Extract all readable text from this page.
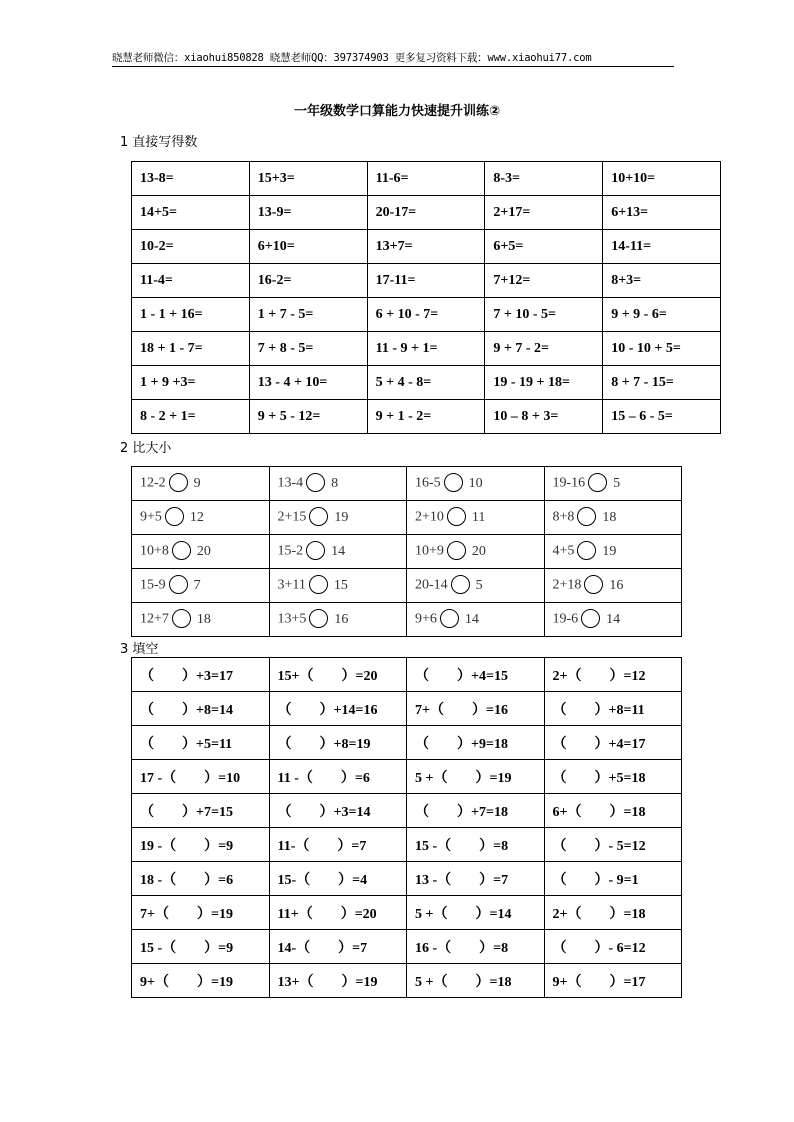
晓慧老师微信：xiaohui850828 晓慧老师QQ：397374903 更多复习资料下载：www.xiaohui77.com
一年级数学口算能力快速提升训练②
1 直接写得数
13-8=	15+3=	11-6=	8-3=	10+10=
14+5=	13-9=	20-17=	2+17=	6+13=
10-2=	6+10=	13+7=	6+5=	14-11=
11-4=	16-2=	17-11=	7+12=	8+3=
1 - 1 + 16=	1 + 7 - 5=	6 + 10 - 7=	7 + 10 - 5=	9 + 9 - 6=
18 + 1 - 7=	7 + 8 - 5=	11 - 9 + 1=	9 + 7 - 2=	10 - 10 + 5=
1 + 9 +3=	13 - 4 + 10=	5 + 4 - 8=	19 - 19 + 18=	8 + 7 - 15=
8 - 2 + 1=	9 + 5 - 12=	9 + 1 - 2=	10 – 8 + 3=	15 – 6 - 5=
2 比大小
12-2 9	13-4 8	16-5 10	19-16 5
9+5 12	2+15 19	2+10 11	8+8 18
10+8 20	15-2 14	10+9 20	4+5 19
15-9 7	3+11 15	20-14 5	2+18 16
12+7 18	13+5 16	9+6 14	19-6 14
3 填空
（　　）+3=17	15+（　　）=20	（　　）+4=15	2+（　　）=12
（　　）+8=14	（　　）+14=16	7+（　　）=16	（　　）+8=11
（　　）+5=11	（　　）+8=19	（　　）+9=18	（　　）+4=17
17 -（　　）=10	11 -（　　）=6	5 +（　　）=19	（　　）+5=18
（　　）+7=15	（　　）+3=14	（　　）+7=18	6+（　　）=18
19 -（　　）=9	11-（　　）=7	15 -（　　）=8	（　　）- 5=12
18 -（　　）=6	15-（　　）=4	13 -（　　）=7	（　　）- 9=1
7+（　　）=19	11+（　　）=20	5 +（　　）=14	2+（　　）=18
15 -（　　）=9	14-（　　）=7	16 -（　　）=8	（　　）- 6=12
9+（　　）=19	13+（　　）=19	5 +（　　）=18	9+（　　）=17
